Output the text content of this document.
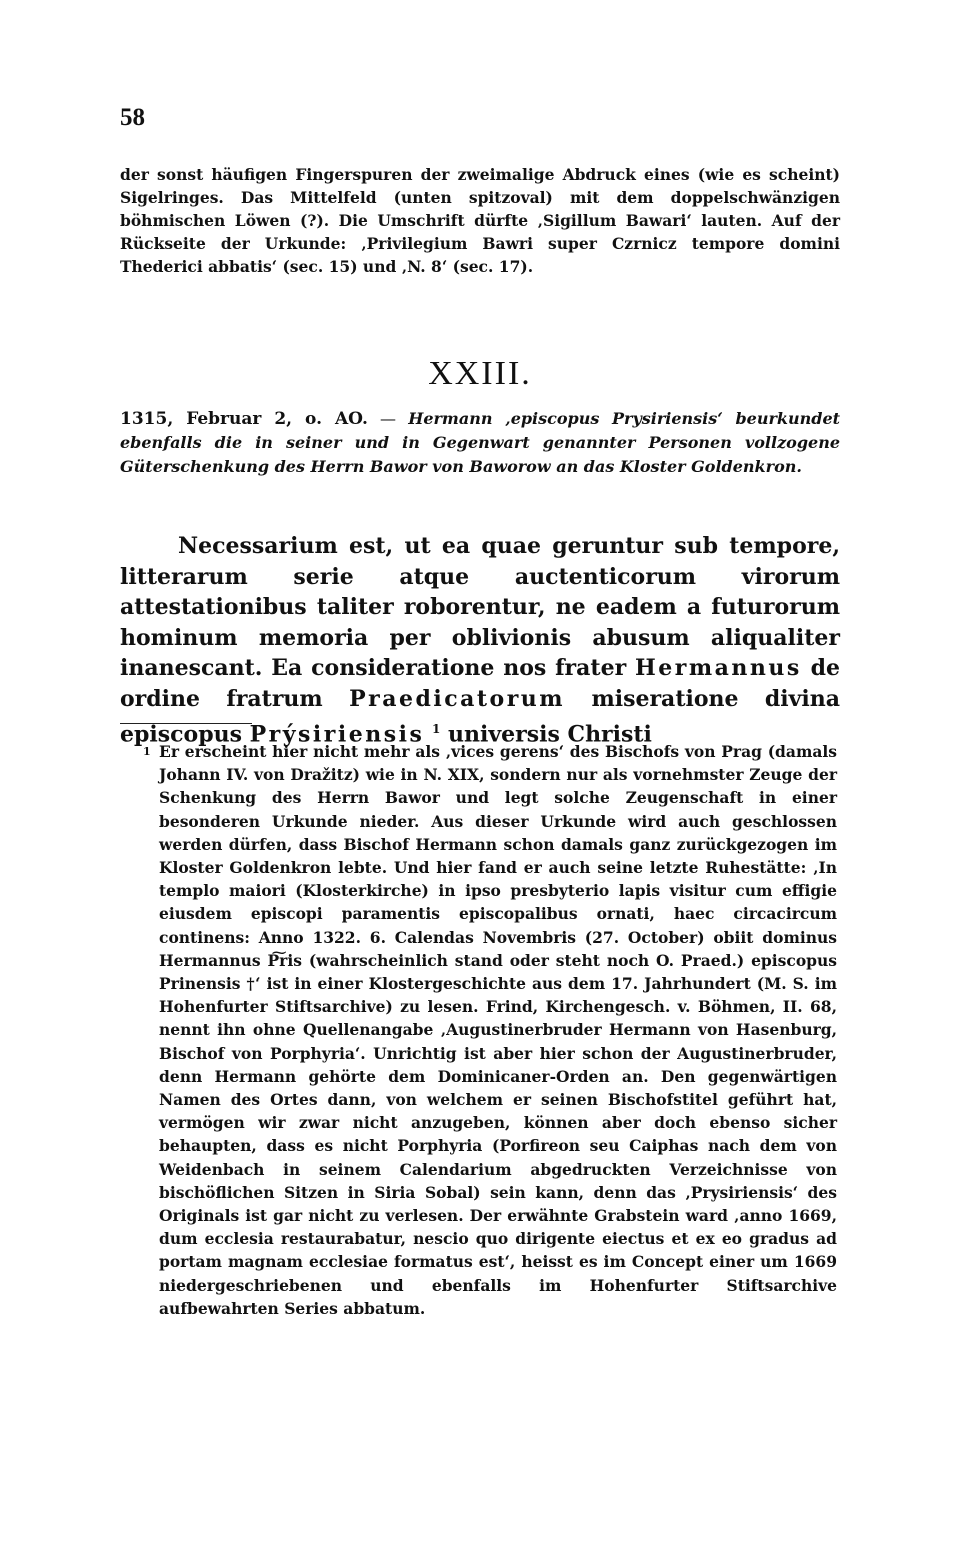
58

der sonst häufigen Fingerspuren der zweimalige Abdruck eines (wie es scheint) Sigelringes. Das Mittelfeld (unten spitzoval) mit dem doppelschwänzigen böhmischen Löwen (?). Die Umschrift dürfte ‚Sigillum Bawari‘ lauten. Auf der Rückseite der Urkunde: ‚Privilegium Bawri super Czrnicz tempore domini Thederici abbatis‘ (sec. 15) und ‚N. 8‘ (sec. 17).

XXIII.

1315, Februar 2, o. AO. — Hermann ‚episcopus Prysiriensis‘ beurkundet ebenfalls die in seiner und in Gegenwart genannter Personen vollzogene Güterschenkung des Herrn Bawor von Baworow an das Kloster Goldenkron.

Necessarium est, ut ea quae geruntur sub tempore, litterarum serie atque auctenticorum virorum attestationibus taliter roborentur, ne eadem a futurorum hominum memoria per oblivionis abusum aliqualiter inanescant. Ea consideratione nos frater Hermannus de ordine fratrum Praedicatorum miseratione divina episcopus Prýsiriensis $^1$ universis Christi

1 Er erscheint hier nicht mehr als ‚vices gerens‘ des Bischofs von Prag (damals Johann IV. von Dražitz) wie in N. XIX, sondern nur als vornehmster Zeuge der Schenkung des Herrn Bawor und legt solche Zeugenschaft in einer besonderen Urkunde nieder. Aus dieser Urkunde wird auch geschlossen werden dürfen, dass Bischof Hermann schon damals ganz zurückgezogen im Kloster Goldenkron lebte. Und hier fand er auch seine letzte Ruhestätte: ‚In templo maiori (Klosterkirche) in ipso presbyterio lapis visitur cum effigie eiusdem episcopi paramentis episcopalibus ornati, haec circacircum continens: Anno 1322. 6. Calendas Novembris (27. October) obiit dominus Hermannus P͠ris (wahrscheinlich stand oder steht noch O. Praed.) episcopus Prinensis †‘ ist in einer Klostergeschichte aus dem 17. Jahrhundert (M. S. im Hohenfurter Stiftsarchive) zu lesen. Frind, Kirchengesch. v. Böhmen, II. 68, nennt ihn ohne Quellenangabe ‚Augustinerbruder Hermann von Hasenburg, Bischof von Porphyria‘. Unrichtig ist aber hier schon der Augustinerbruder, denn Hermann gehörte dem Dominicaner-Orden an. Den gegenwärtigen Namen des Ortes dann, von welchem er seinen Bischofstitel geführt hat, vermögen wir zwar nicht anzugeben, können aber doch ebenso sicher behaupten, dass es nicht Porphyria (Porfireon seu Caiphas nach dem von Weidenbach in seinem Calendarium abgedruckten Verzeichnisse von bischöflichen Sitzen in Siria Sobal) sein kann, denn das ‚Prysiriensis‘ des Originals ist gar nicht zu verlesen. Der erwähnte Grabstein ward ‚anno 1669, dum ecclesia restaurabatur, nescio quo dirigente eiectus et ex eo gradus ad portam magnam ecclesiae formatus est‘, heisst es im Concept einer um 1669 niedergeschriebenen und ebenfalls im Hohenfurter Stiftsarchive aufbewahrten Series abbatum.
